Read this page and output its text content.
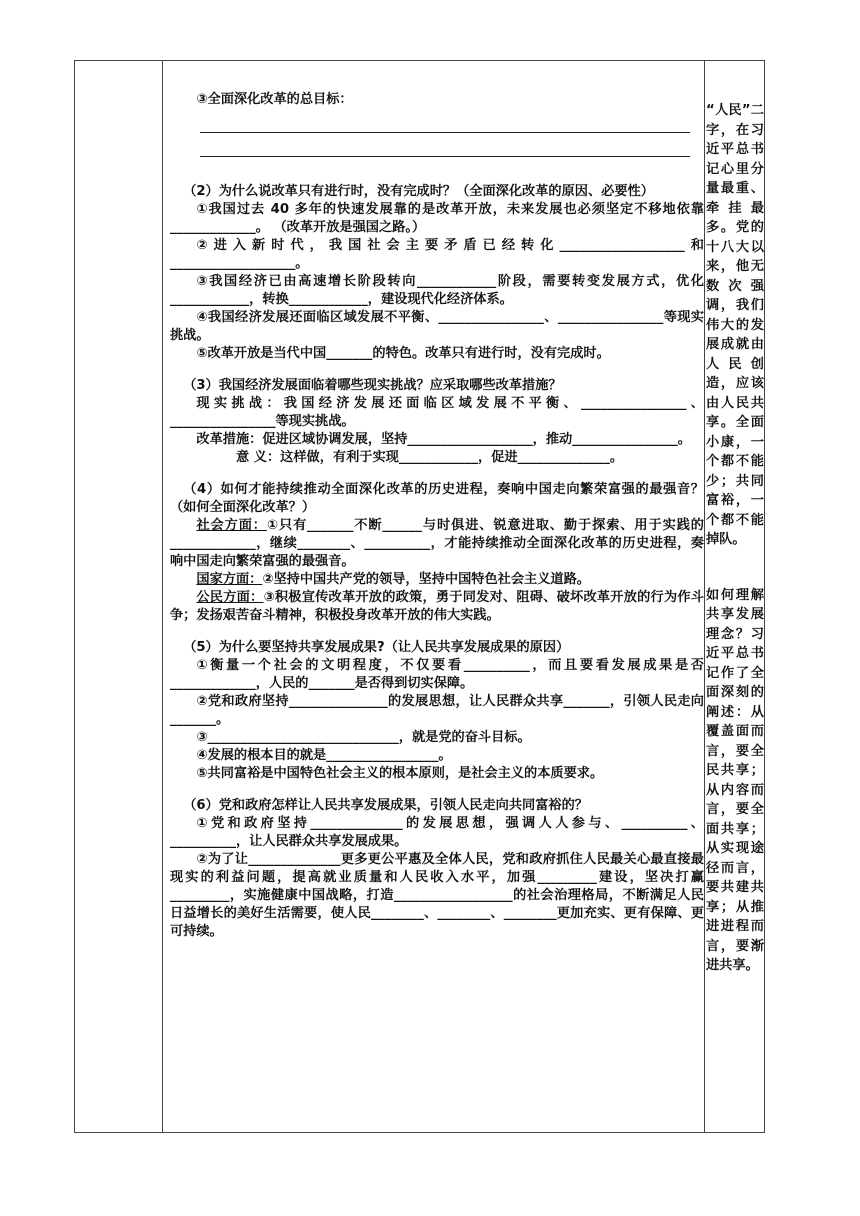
③全面深化改革的总目标：

（2）为什么说改革只有进行时，没有完成时？（全面深化改革的原因、必要性）

①我国过去 40 多年的快速发展靠的是改革开放，未来发展也必须坚定不移地依靠_____________。 （改革开放是强国之路。）

②进入新时代，我国社会主要矛盾已经转化___________________和___________________。

③我国经济已由高速增长阶段转向____________阶段，需要转变发展方式，优化____________，转换____________，建设现代化经济体系。

④我国经济发展还面临区域发展不平衡、________________、________________等现实挑战。

⑤改革开放是当代中国_______的特色。改革只有进行时，没有完成时。

（3）我国经济发展面临着哪些现实挑战？应采取哪些改革措施？

现实挑战：我国经济发展还面临区域发展不平衡、________________、________________等现实挑战。

改革措施：促进区域协调发展，坚持___________________，推动________________。

意 义：这样做，有利于实现____________，促进______________。

（4）如何才能持续推动全面深化改革的历史进程，奏响中国走向繁荣富强的最强音？（如何全面深化改革？）

社会方面：①只有_______不断______与时俱进、锐意进取、勤于探索、用于实践的_____________，继续________、__________，才能持续推动全面深化改革的历史进程，奏响中国走向繁荣富强的最强音。

国家方面：②坚持中国共产党的领导，坚持中国特色社会主义道路。

公民方面：③积极宣传改革开放的政策，勇于同发对、阻碍、破坏改革开放的行为作斗争；发扬艰苦奋斗精神，积极投身改革开放的伟大实践。

（5）为什么要坚持共享发展成果?（让人民共享发展成果的原因）

①衡量一个社会的文明程度，不仅要看__________，而且要看发展成果是否_____________，人民的_______是否得到切实保障。

②党和政府坚持_______________的发展思想，让人民群众共享_______，引领人民走向_______。

③_____________________________，就是党的奋斗目标。

④发展的根本目的就是_________________。

⑤共同富裕是中国特色社会主义的根本原则，是社会主义的本质要求。

（6）党和政府怎样让人民共享发展成果，引领人民走向共同富裕的？

①党和政府坚持______________的发展思想，强调人人参与、__________、__________，让人民群众共享发展成果。

②为了让______________更多更公平惠及全体人民，党和政府抓住人民最关心最直接最现实的利益问题，提高就业质量和人民收入水平，加强_________建设，坚决打赢_________，实施健康中国战略，打造__________________的社会治理格局，不断满足人民日益增长的美好生活需要，使人民________、________、________更加充实、更有保障、更可持续。

“人民”二字，在习近平总书记心里分量最重、牵挂最多。党的十八大以来，他无数次强调，我们伟大的发展成就由人民创造，应该由人民共享。全面小康，一个都不能少；共同富裕，一个都不能掉队。

如何理解共享发展理念？习近平总书记作了全面深刻的阐述：从覆盖面而言，要全民共享；从内容而言，要全面共享；从实现途径而言，要共建共享；从推进进程而言，要渐进共享。
